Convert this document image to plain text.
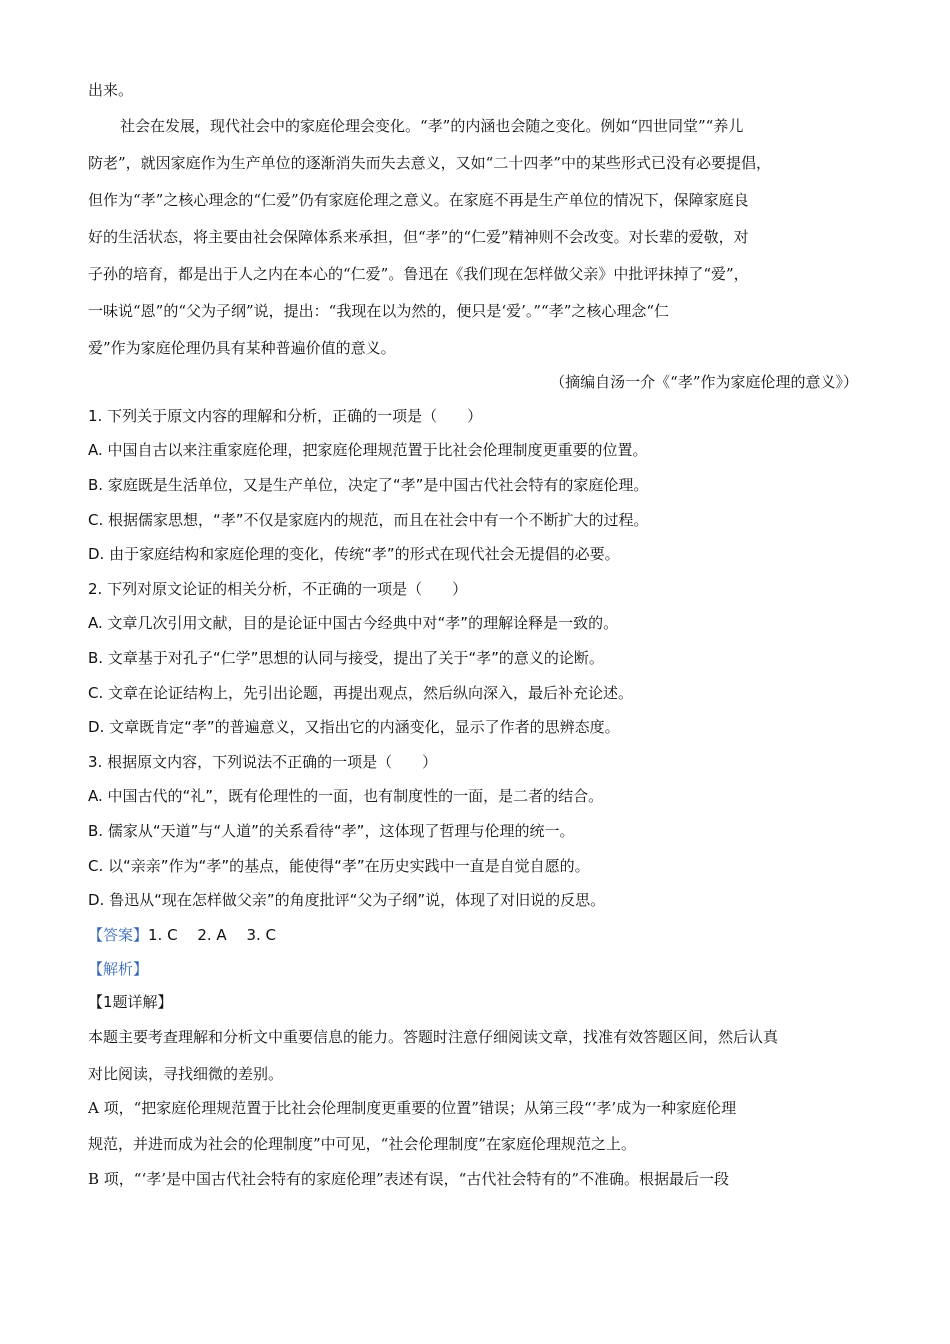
出来。
社会在发展，现代社会中的家庭伦理会变化。“孝”的内涵也会随之变化。例如“四世同堂”“养儿
防老”，就因家庭作为生产单位的逐渐消失而失去意义，又如“二十四孝”中的某些形式已没有必要提倡，
但作为“孝”之核心理念的“仁爱”仍有家庭伦理之意义。在家庭不再是生产单位的情况下，保障家庭良
好的生活状态，将主要由社会保障体系来承担，但“孝”的“仁爱”精神则不会改变。对长辈的爱敬，对
子孙的培育，都是出于人之内在本心的“仁爱”。鲁迅在《我们现在怎样做父亲》中批评抹掉了“爱”，
一味说“恩”的“父为子纲”说，提出：“我现在以为然的，便只是‘爱’。”“孝”之核心理念“仁
爱”作为家庭伦理仍具有某种普遍价值的意义。
（摘编自汤一介《“孝”作为家庭伦理的意义》）
1. 下列关于原文内容的理解和分析，正确的一项是（　　）
A. 中国自古以来注重家庭伦理，把家庭伦理规范置于比社会伦理制度更重要的位置。
B. 家庭既是生活单位，又是生产单位，决定了“孝”是中国古代社会特有的家庭伦理。
C. 根据儒家思想，“孝”不仅是家庭内的规范，而且在社会中有一个不断扩大的过程。
D. 由于家庭结构和家庭伦理的变化，传统“孝”的形式在现代社会无提倡的必要。
2. 下列对原文论证的相关分析，不正确的一项是（　　）
A. 文章几次引用文献，目的是论证中国古今经典中对“孝”的理解诠释是一致的。
B. 文章基于对孔子“仁学”思想的认同与接受，提出了关于“孝”的意义的论断。
C. 文章在论证结构上，先引出论题，再提出观点，然后纵向深入，最后补充论述。
D. 文章既肯定“孝”的普遍意义，又指出它的内涵变化，显示了作者的思辨态度。
3. 根据原文内容，下列说法不正确的一项是（　　）
A. 中国古代的“礼”，既有伦理性的一面，也有制度性的一面，是二者的结合。
B. 儒家从“天道”与“人道”的关系看待“孝”，这体现了哲理与伦理的统一。
C. 以“亲亲”作为“孝”的基点，能使得“孝”在历史实践中一直是自觉自愿的。
D. 鲁迅从“现在怎样做父亲”的角度批评“父为子纲”说，体现了对旧说的反思。
【答案】1. C　 2. A　 3. C
【解析】
【1题详解】
本题主要考查理解和分析文中重要信息的能力。答题时注意仔细阅读文章，找准有效答题区间，然后认真
对比阅读，寻找细微的差别。
A 项，“把家庭伦理规范置于比社会伦理制度更重要的位置”错误；从第三段“‘孝’成为一种家庭伦理
规范，并进而成为社会的伦理制度”中可见，“社会伦理制度”在家庭伦理规范之上。
B 项，“‘孝’是中国古代社会特有的家庭伦理”表述有误，“古代社会特有的”不准确。根据最后一段
